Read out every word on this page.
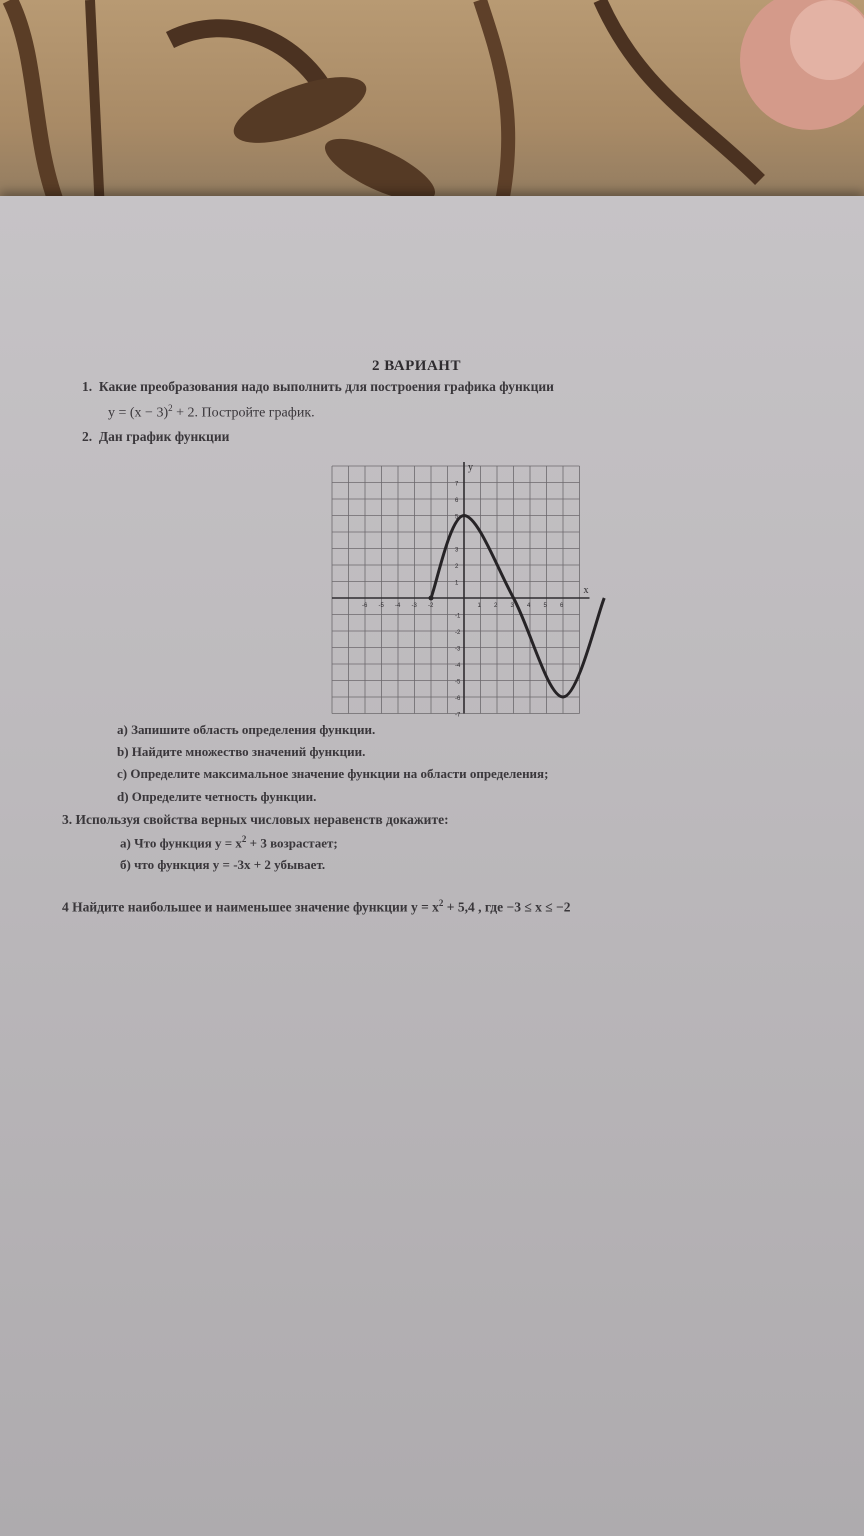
2 ВАРИАНТ
1. Какие преобразования надо выполнить для построения графика функции
$y = (x - 3)^2 + 2$. Постройте график.
2. Дан график функции
x
y
-6 -5 -4 -3 -2	1 2 3 4 5 6
7
6
5
3
2
1
-1
-2
-3
-4
-5
-6
-7
a) Запишите область определения функции.
b) Найдите множество значений функции.
c) Определите максимальное значение функции на области определения;
d) Определите четность функции.
3. Используя свойства верных числовых неравенств докажите:
а) Что функция $y = x^2 + 3$ возрастает;
б) что функция y = -3x + 2 убывает.
4 Найдите наибольшее и наименьшее значение функции $y = x^2 + 5,4$ , где −3 ≤ x ≤ −2
